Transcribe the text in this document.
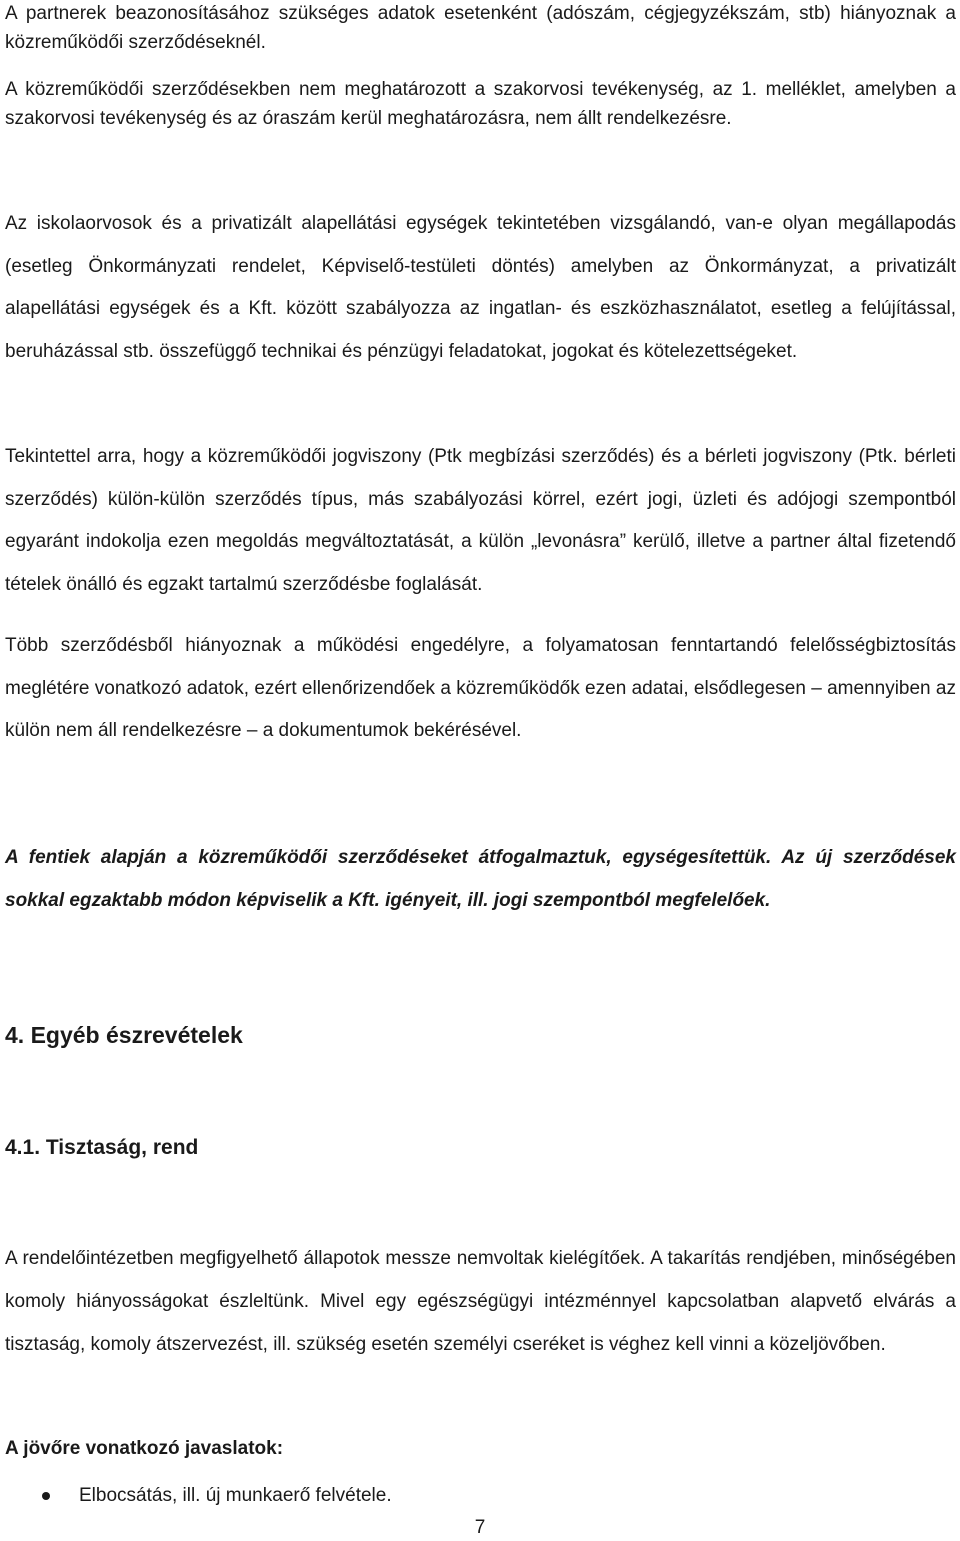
A partnerek beazonosításához szükséges adatok esetenként (adószám, cégjegyzékszám, stb) hiányoznak a közreműködői szerződéseknél.

A közreműködői szerződésekben nem meghatározott a szakorvosi tevékenység, az 1. melléklet, amelyben a szakorvosi tevékenység és az óraszám kerül meghatározásra, nem állt rendelkezésre.

Az iskolaorvosok és a privatizált alapellátási egységek tekintetében vizsgálandó, van-e olyan megállapodás (esetleg Önkormányzati rendelet, Képviselő-testületi döntés) amelyben az Önkormányzat, a privatizált alapellátási egységek és a Kft. között szabályozza az ingatlan- és eszközhasználatot, esetleg a felújítással, beruházással stb. összefüggő technikai és pénzügyi feladatokat, jogokat és kötelezettségeket.

Tekintettel arra, hogy a közreműködői jogviszony (Ptk megbízási szerződés) és a bérleti jogviszony (Ptk. bérleti szerződés) külön-külön szerződés típus, más szabályozási körrel, ezért jogi, üzleti és adójogi szempontból egyaránt indokolja ezen megoldás megváltoztatását, a külön „levonásra” kerülő, illetve a partner által fizetendő tételek önálló és egzakt tartalmú szerződésbe foglalását.

Több szerződésből hiányoznak a működési engedélyre, a folyamatosan fenntartandó felelősségbiztosítás meglétére vonatkozó adatok, ezért ellenőrizendőek a közreműködők ezen adatai, elsődlegesen – amennyiben az külön nem áll rendelkezésre – a dokumentumok bekérésével.

A fentiek alapján a közreműködői szerződéseket átfogalmaztuk, egységesítettük. Az új szerződések sokkal egzaktabb módon képviselik a Kft. igényeit, ill. jogi szempontból megfelelőek.

4. Egyéb észrevételek
4.1. Tisztaság, rend

A rendelőintézetben megfigyelhető állapotok messze nemvoltak kielégítőek. A takarítás rendjében, minőségében komoly hiányosságokat észleltünk. Mivel egy egészségügyi intézménnyel kapcsolatban alapvető elvárás a tisztaság, komoly átszervezést, ill. szükség esetén személyi cseréket is véghez kell vinni a közeljövőben.

A jövőre vonatkozó javaslatok:

Elbocsátás, ill. új munkaerő felvétele.
7
